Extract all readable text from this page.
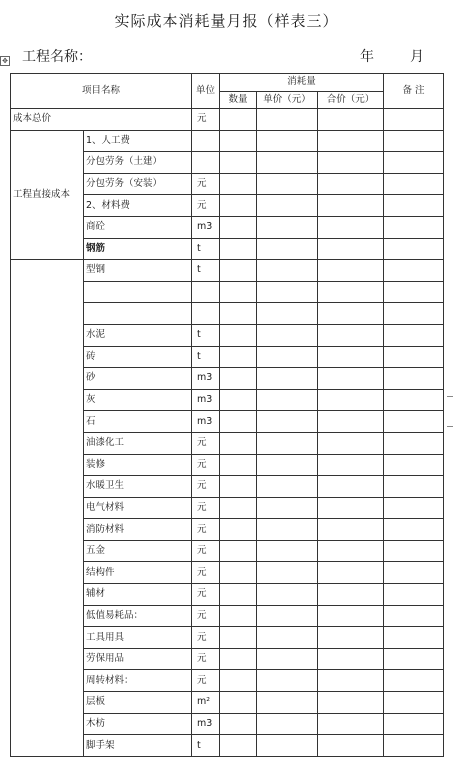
实际成本消耗量月报（样表三）
工程名称：	年	月
✥
项目名称		单位	消耗量			备 注
			数量	单价（元）	合价（元）	
成本总价		元				
工程直接成本	1、人工费					
	分包劳务（土建）					
	分包劳务（安装）	元				
	2、材料费	元				
	商砼	m3				
	钢筋	t				
	型钢	t				

	水泥	t				
	砖	t				
	砂	m3				
	灰	m3				
	石	m3				
	油漆化工	元				
	装修	元				
	水暖卫生	元				
	电气材料	元				
	消防材料	元				
	五金	元				
	结构件	元				
	辅材	元				
	低值易耗品：	元				
	工具用具	元				
	劳保用品	元				
	周转材料：	元				
	层板	m²				
	木枋	m3				
	脚手架	t				
